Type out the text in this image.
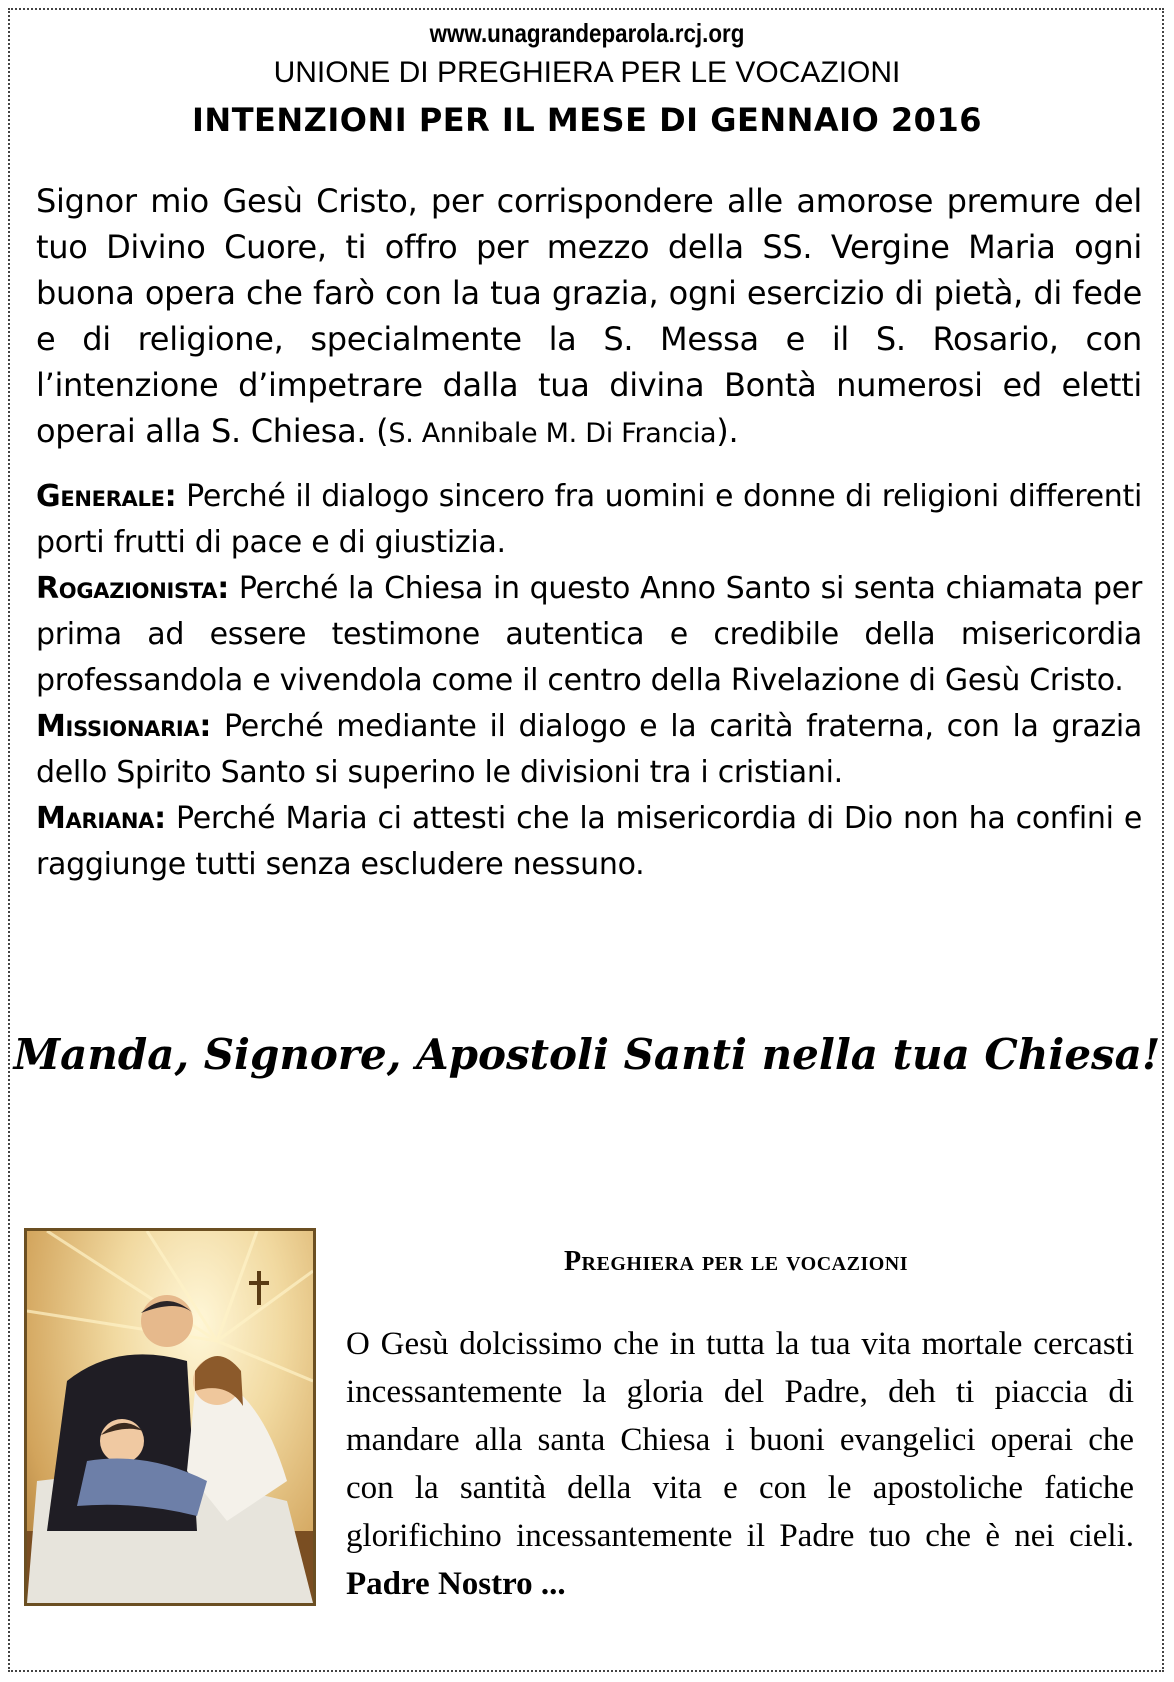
www.unagrandeparola.rcj.org
UNIONE DI PREGHIERA PER LE VOCAZIONI
INTENZIONI PER IL MESE DI GENNAIO 2016

Signor mio Gesù Cristo, per corrispondere alle amorose premure del tuo Divino Cuore, ti offro per mezzo della SS. Vergine Maria ogni buona opera che farò con la tua grazia, ogni esercizio di pietà, di fede e di religione, specialmente la S. Messa e il S. Rosario, con l’intenzione d’impetrare dalla tua divina Bontà numerosi ed eletti operai alla S. Chiesa. (S. Annibale M. Di Francia).

Generale: Perché il dialogo sincero fra uomini e donne di religioni differenti porti frutti di pace e di giustizia.

Rogazionista: Perché la Chiesa in questo Anno Santo si senta chiamata per prima ad essere testimone autentica e credibile della misericordia professandola e vivendola come il centro della Rivelazione di Gesù Cristo.

Missionaria: Perché mediante il dialogo e la carità fraterna, con la grazia dello Spirito Santo si superino le divisioni tra i cristiani.

Mariana: Perché Maria ci attesti che la misericordia di Dio non ha confini e raggiunge tutti senza escludere nessuno.

Manda, Signore, Apostoli Santi nella tua Chiesa!

Preghiera per le vocazioni

O Gesù dolcissimo che in tutta la tua vita mortale cercasti incessantemente la gloria del Padre, deh ti piaccia di mandare alla santa Chiesa i buoni evangelici operai che con la santità della vita e con le apostoliche fatiche glorifichino incessantemente il Padre tuo che è nei cieli. Padre Nostro ...
